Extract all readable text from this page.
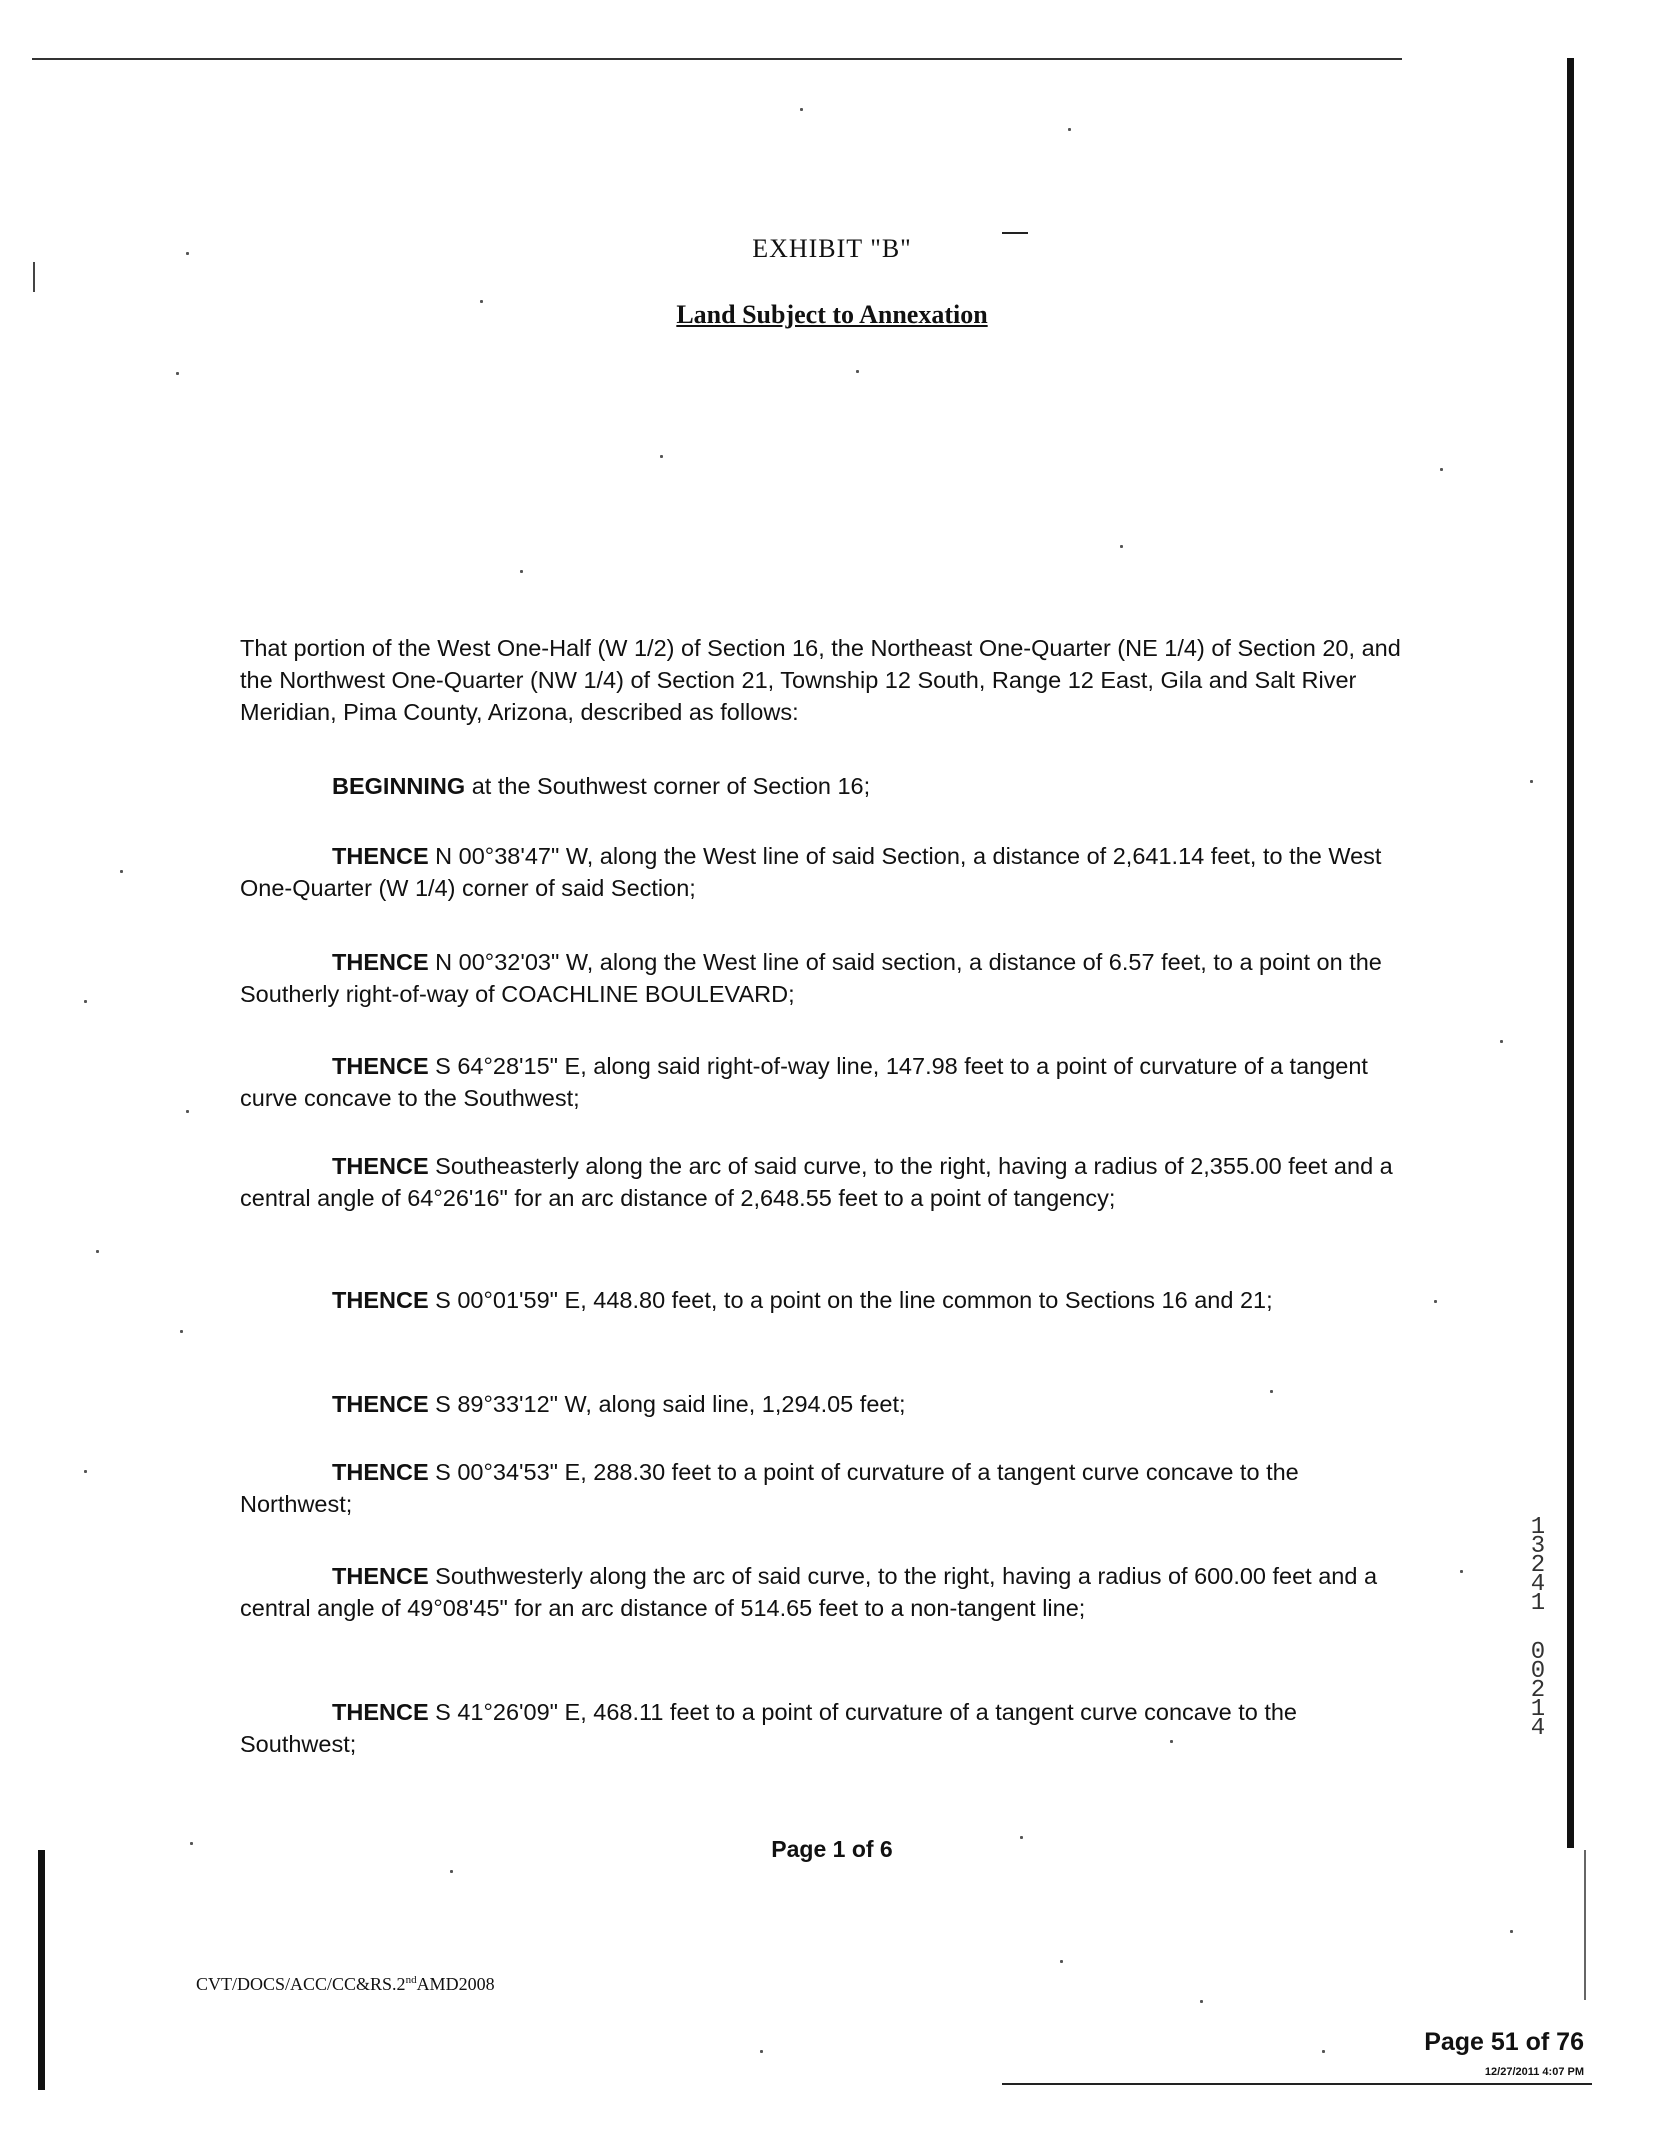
EXHIBIT "B"
Land Subject to Annexation

That portion of the West One-Half (W 1/2) of Section 16, the Northeast One-Quarter (NE 1/4) of Section 20, and the Northwest One-Quarter (NW 1/4) of Section 21, Township 12 South, Range 12 East, Gila and Salt River Meridian, Pima County, Arizona, described as follows:

BEGINNING at the Southwest corner of Section 16;

THENCE N 00°38'47" W, along the West line of said Section, a distance of 2,641.14 feet, to the West One-Quarter (W 1/4) corner of said Section;

THENCE N 00°32'03" W, along the West line of said section, a distance of 6.57 feet, to a point on the Southerly right-of-way of COACHLINE BOULEVARD;

THENCE S 64°28'15" E, along said right-of-way line, 147.98 feet to a point of curvature of a tangent curve concave to the Southwest;

THENCE Southeasterly along the arc of said curve, to the right, having a radius of 2,355.00 feet and a central angle of 64°26'16" for an arc distance of 2,648.55 feet to a point of tangency;

THENCE S 00°01'59" E, 448.80 feet, to a point on the line common to Sections 16 and 21;

THENCE S 89°33'12" W, along said line, 1,294.05 feet;

THENCE S 00°34'53" E, 288.30 feet to a point of curvature of a tangent curve concave to the Northwest;

THENCE Southwesterly along the arc of said curve, to the right, having a radius of 600.00 feet and a central angle of 49°08'45" for an arc distance of 514.65 feet to a non-tangent line;

THENCE S 41°26'09" E, 468.11 feet to a point of curvature of a tangent curve concave to the Southwest;

1
3
2
4
1
0
0
2
1
4
Page 1 of 6
CVT/DOCS/ACC/CC&RS.2ndAMD2008
Page 51 of 76
12/27/2011 4:07 PM
